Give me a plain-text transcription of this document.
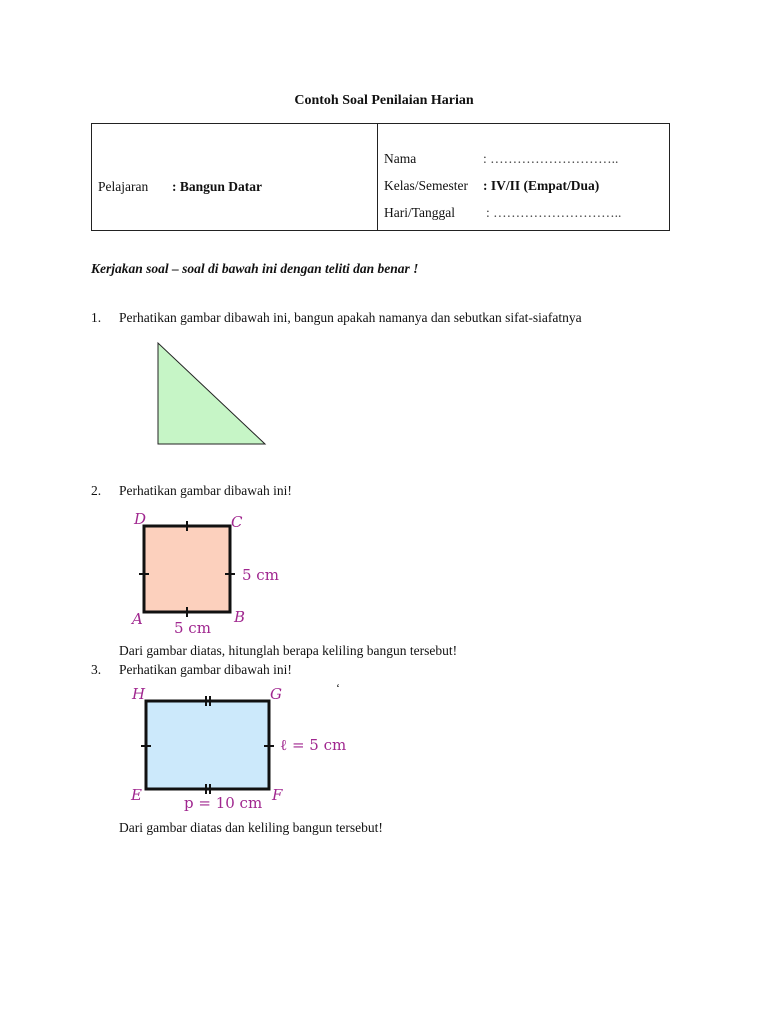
Contoh Soal Penilaian Harian
Pelajaran : Bangun Datar
Nama	: ………………………..
Kelas/Semester : IV/II (Empat/Dua)
Hari/Tanggal : ………………………..
Kerjakan soal – soal di bawah ini dengan teliti dan benar !
1. Perhatikan gambar dibawah ini, bangun apakah namanya dan sebutkan sifat-siafatnya
2. Perhatikan gambar dibawah ini!
D	C
A	B
5 cm
5 cm
Dari gambar diatas, hitunglah berapa keliling bangun tersebut!
3. Perhatikan gambar dibawah ini!
‘
H	G
E	F
ℓ = 5 cm
p = 10 cm
Dari gambar diatas dan keliling bangun tersebut!
